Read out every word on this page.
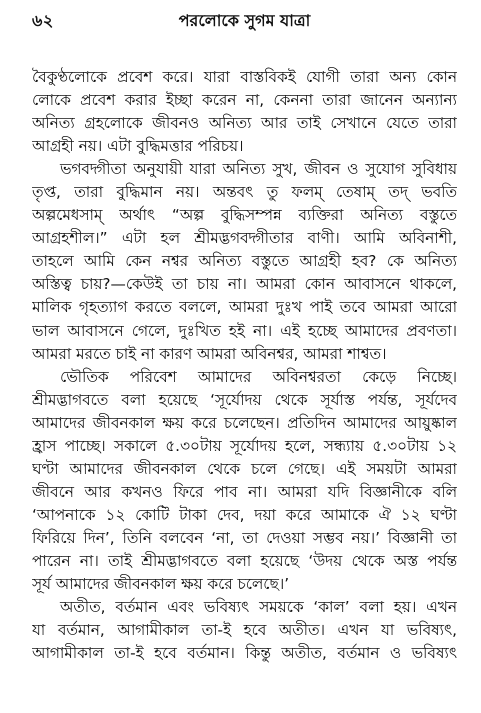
৬২	পরলোকে সুগম যাত্রা
বৈকুণ্ঠলোকে প্রবেশ করে। যারা বাস্তবিকই যোগী তারা অন্য কোন
লোকে প্রবেশ করার ইচ্ছা করেন না, কেননা তারা জানেন অন্যান্য
অনিত্য গ্রহলোকে জীবনও অনিত্য আর তাই সেখানে যেতে তারা
আগ্রহী নয়। এটা বুদ্ধিমত্তার পরিচয়।
ভগবদ্গীতা অনুযায়ী যারা অনিত্য সুখ, জীবন ও সুযোগ সুবিধায়
তৃপ্ত, তারা বুদ্ধিমান নয়। অন্তবৎ তু ফলম্ তেষাম্ তদ্ ভবতি
অল্পমেধসাম্ অর্থাৎ “অল্প বুদ্ধিসম্পন্ন ব্যক্তিরা অনিত্য বস্তুতে
আগ্রহশীল।” এটা হল শ্রীমদ্ভগবদ্গীতার বাণী। আমি অবিনাশী,
তাহলে আমি কেন নশ্বর অনিত্য বস্তুতে আগ্রহী হব? কে অনিত্য
অস্তিত্ব চায়?—কেউই তা চায় না। আমরা কোন আবাসনে থাকলে,
মালিক গৃহত্যাগ করতে বললে, আমরা দুঃখ পাই তবে আমরা আরো
ভাল আবাসনে গেলে, দুঃখিত হই না। এই হচ্ছে আমাদের প্রবণতা।
আমরা মরতে চাই না কারণ আমরা অবিনশ্বর, আমরা শাশ্বত।
ভৌতিক পরিবেশ আমাদের অবিনশ্বরতা কেড়ে নিচ্ছে।
শ্রীমদ্ভাগবতে বলা হয়েছে ‘সূর্যোদয় থেকে সূর্যাস্ত পর্যন্ত, সূর্যদেব
আমাদের জীবনকাল ক্ষয় করে চলেছেন। প্রতিদিন আমাদের আয়ুষ্কাল
হ্রাস পাচ্ছে। সকালে ৫.৩০টায় সূর্যোদয় হলে, সন্ধ্যায় ৫.৩০টায় ১২
ঘণ্টা আমাদের জীবনকাল থেকে চলে গেছে। এই সময়টা আমরা
জীবনে আর কখনও ফিরে পাব না। আমরা যদি বিজ্ঞানীকে বলি
‘আপনাকে ১২ কোটি টাকা দেব, দয়া করে আমাকে ঐ ১২ ঘণ্টা
ফিরিয়ে দিন’, তিনি বলবেন ‘না, তা দেওয়া সম্ভব নয়।’ বিজ্ঞানী তা
পারেন না। তাই শ্রীমদ্ভাগবতে বলা হয়েছে ‘উদয় থেকে অস্ত পর্যন্ত
সূর্য আমাদের জীবনকাল ক্ষয় করে চলেছে।’
অতীত, বর্তমান এবং ভবিষ্যৎ সময়কে ‘কাল’ বলা হয়। এখন
যা বর্তমান, আগামীকাল তা-ই হবে অতীত। এখন যা ভবিষ্যৎ,
আগামীকাল তা-ই হবে বর্তমান। কিন্তু অতীত, বর্তমান ও ভবিষ্যৎ
